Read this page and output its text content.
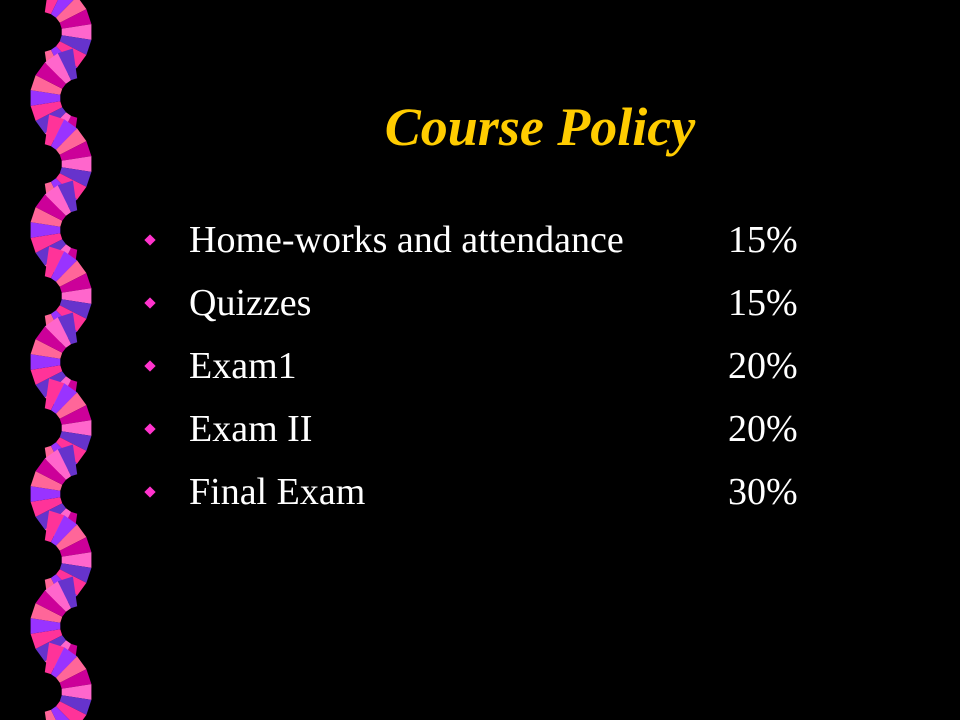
Course Policy
Home-works and attendance	15%
Quizzes	15%
Exam1	20%
Exam II	20%
Final Exam	30%
